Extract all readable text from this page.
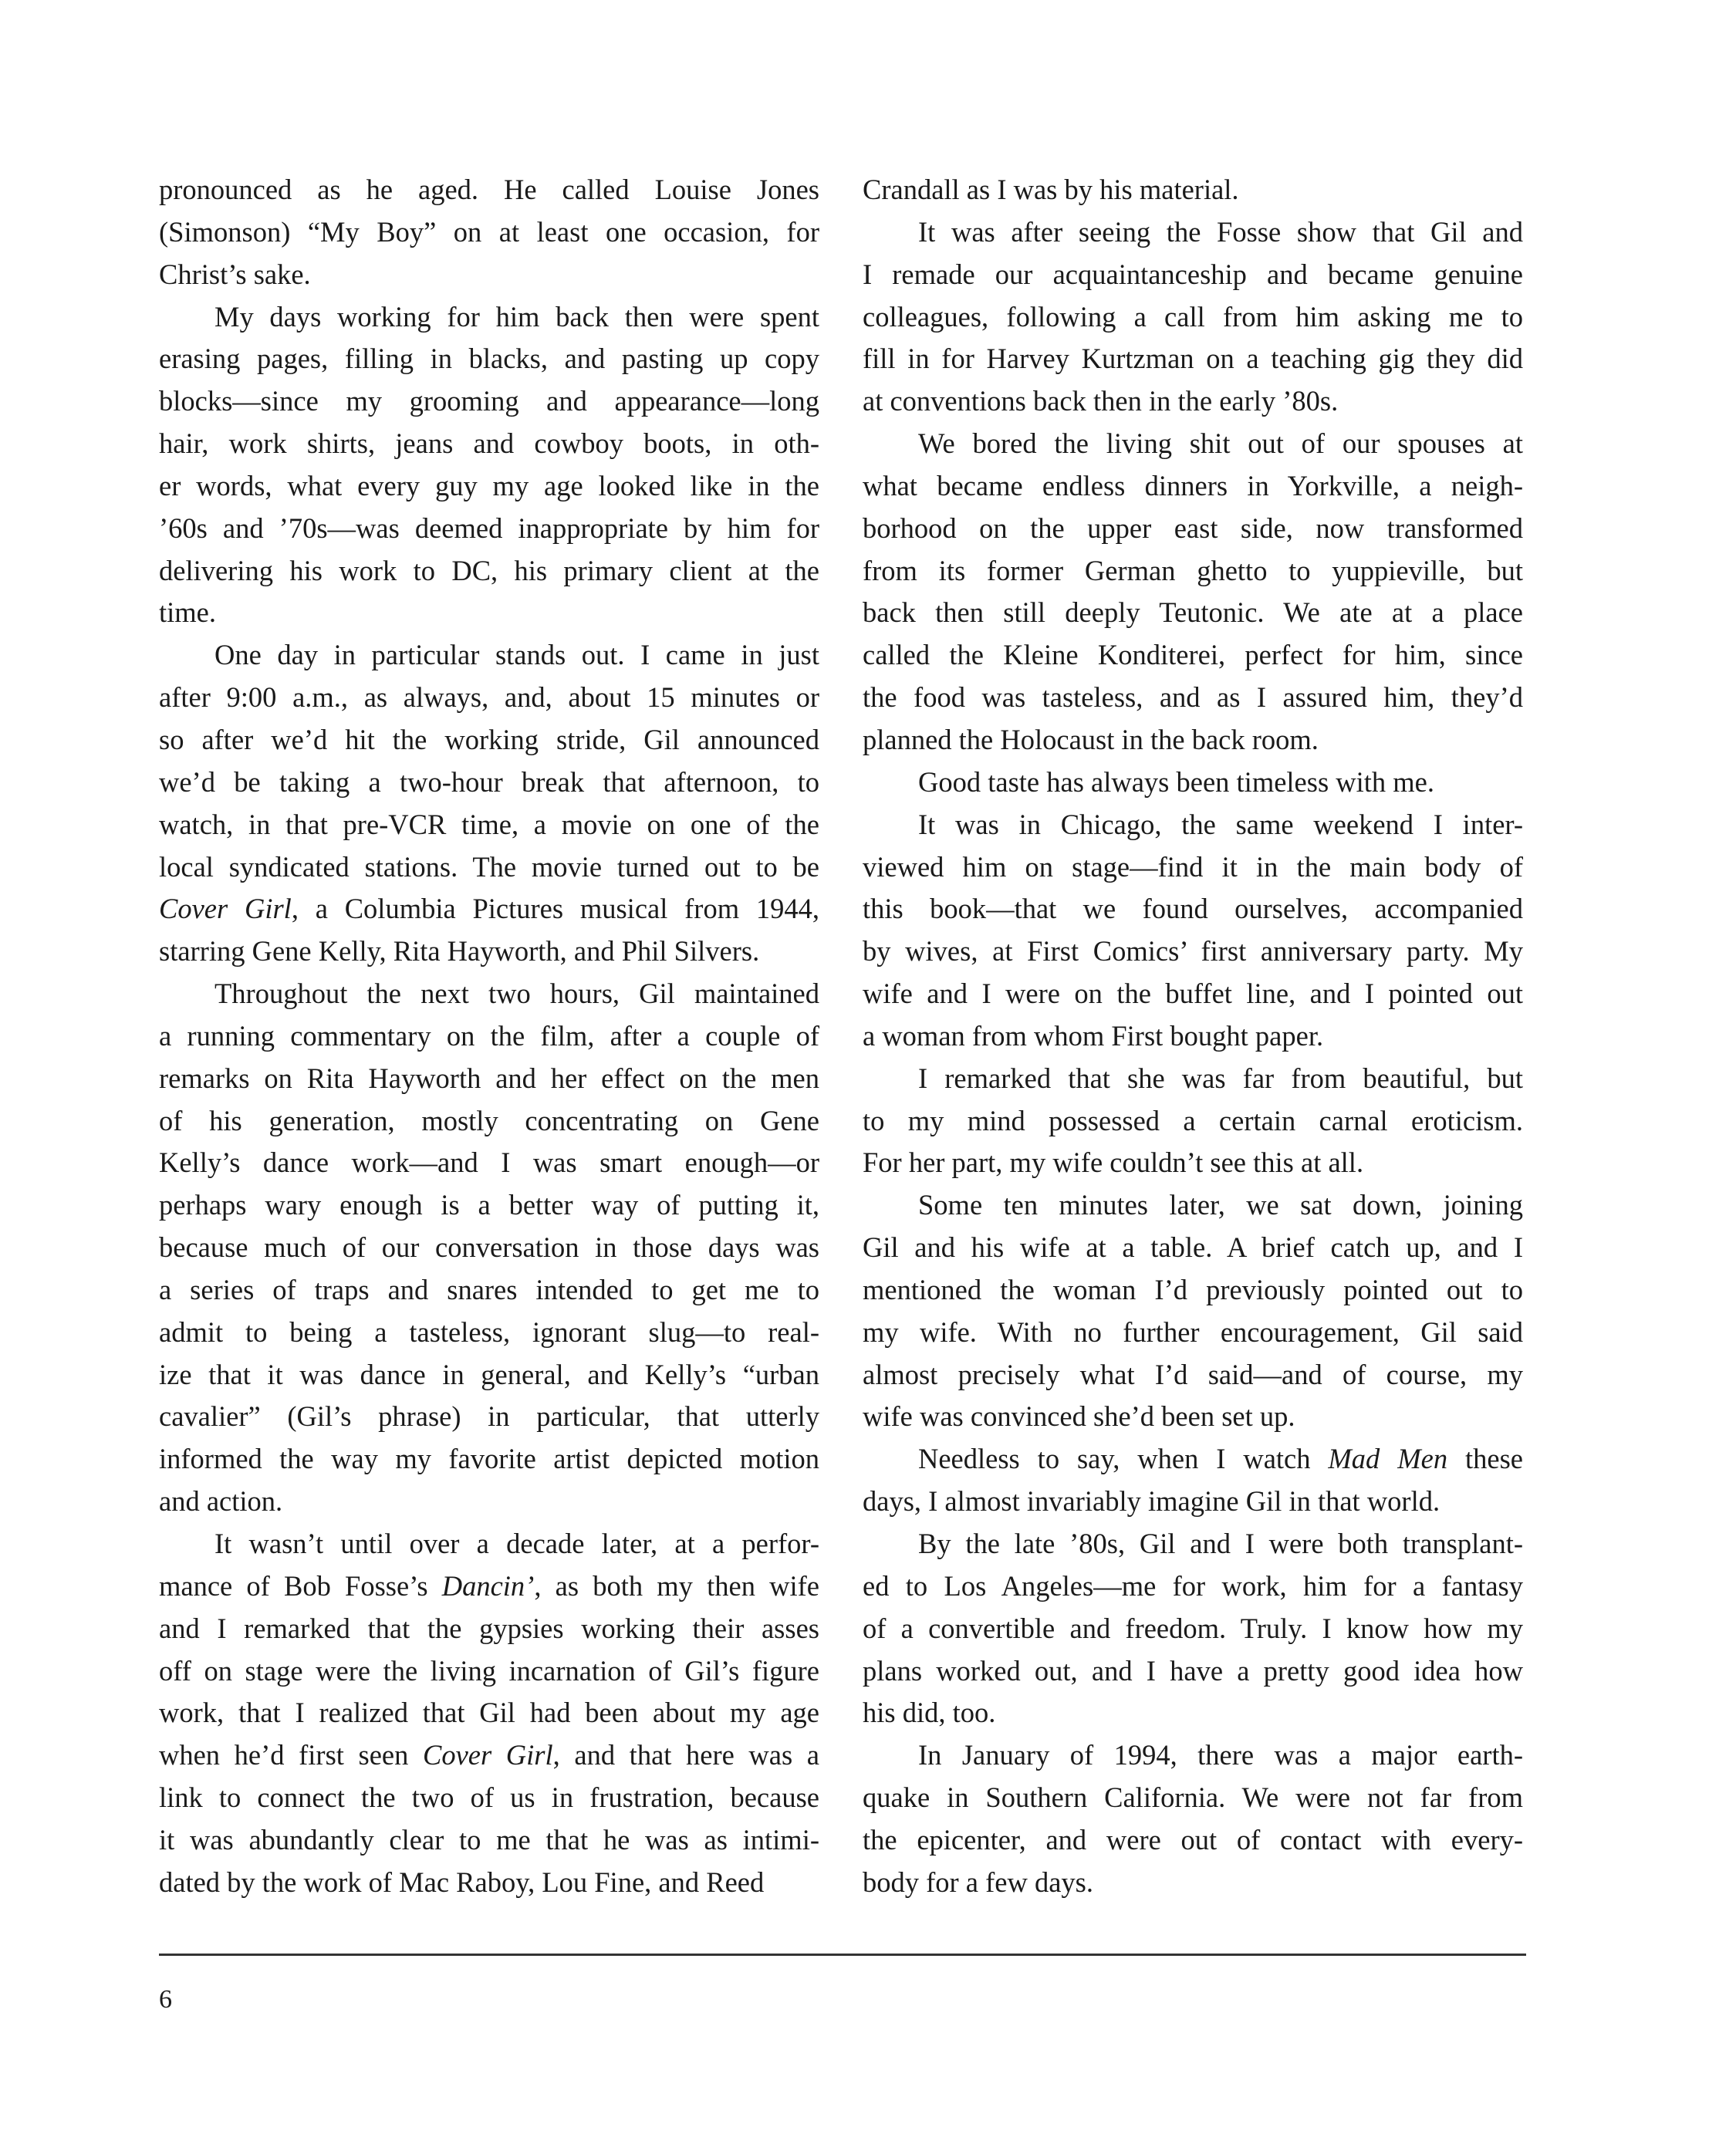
pronounced as he aged. He called Louise Jones
(Simonson) “My Boy” on at least one occasion, for
Christ’s sake.
My days working for him back then were spent
erasing pages, filling in blacks, and pasting up copy
blocks—since my grooming and appearance—long
hair, work shirts, jeans and cowboy boots, in oth-
er words, what every guy my age looked like in the
’60s and ’70s—was deemed inappropriate by him for
delivering his work to DC, his primary client at the
time.
One day in particular stands out. I came in just
after 9:00 a.m., as always, and, about 15 minutes or
so after we’d hit the working stride, Gil announced
we’d be taking a two-hour break that afternoon, to
watch, in that pre-VCR time, a movie on one of the
local syndicated stations. The movie turned out to be
Cover Girl, a Columbia Pictures musical from 1944,
starring Gene Kelly, Rita Hayworth, and Phil Silvers.
Throughout the next two hours, Gil maintained
a running commentary on the film, after a couple of
remarks on Rita Hayworth and her effect on the men
of his generation, mostly concentrating on Gene
Kelly’s dance work—and I was smart enough—or
perhaps wary enough is a better way of putting it,
because much of our conversation in those days was
a series of traps and snares intended to get me to
admit to being a tasteless, ignorant slug—to real-
ize that it was dance in general, and Kelly’s “urban
cavalier” (Gil’s phrase) in particular, that utterly
informed the way my favorite artist depicted motion
and action.
It wasn’t until over a decade later, at a perfor-
mance of Bob Fosse’s Dancin’, as both my then wife
and I remarked that the gypsies working their asses
off on stage were the living incarnation of Gil’s figure
work, that I realized that Gil had been about my age
when he’d first seen Cover Girl, and that here was a
link to connect the two of us in frustration, because
it was abundantly clear to me that he was as intimi-
dated by the work of Mac Raboy, Lou Fine, and Reed
Crandall as I was by his material.
It was after seeing the Fosse show that Gil and
I remade our acquaintanceship and became genuine
colleagues, following a call from him asking me to
fill in for Harvey Kurtzman on a teaching gig they did
at conventions back then in the early ’80s.
We bored the living shit out of our spouses at
what became endless dinners in Yorkville, a neigh-
borhood on the upper east side, now transformed
from its former German ghetto to yuppieville, but
back then still deeply Teutonic. We ate at a place
called the Kleine Konditerei, perfect for him, since
the food was tasteless, and as I assured him, they’d
planned the Holocaust in the back room.
Good taste has always been timeless with me.
It was in Chicago, the same weekend I inter-
viewed him on stage—find it in the main body of
this book—that we found ourselves, accompanied
by wives, at First Comics’ first anniversary party. My
wife and I were on the buffet line, and I pointed out
a woman from whom First bought paper.
I remarked that she was far from beautiful, but
to my mind possessed a certain carnal eroticism.
For her part, my wife couldn’t see this at all.
Some ten minutes later, we sat down, joining
Gil and his wife at a table. A brief catch up, and I
mentioned the woman I’d previously pointed out to
my wife. With no further encouragement, Gil said
almost precisely what I’d said—and of course, my
wife was convinced she’d been set up.
Needless to say, when I watch Mad Men these
days, I almost invariably imagine Gil in that world.
By the late ’80s, Gil and I were both transplant-
ed to Los Angeles—me for work, him for a fantasy
of a convertible and freedom. Truly. I know how my
plans worked out, and I have a pretty good idea how
his did, too.
In January of 1994, there was a major earth-
quake in Southern California. We were not far from
the epicenter, and were out of contact with every-
body for a few days.
6
